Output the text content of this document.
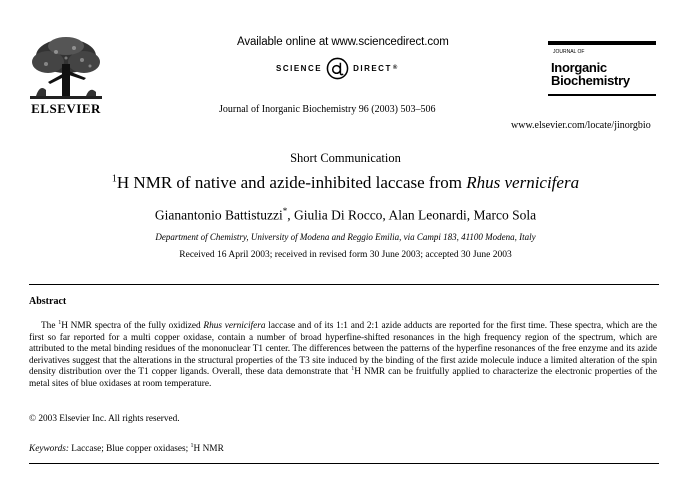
ELSEVIER
Available online at www.sciencedirect.com
SCIENCE	DIRECT ®
Journal of Inorganic Biochemistry 96 (2003) 503–506
JOURNAL OF
Inorganic
Biochemistry
www.elsevier.com/locate/jinorgbio
Short Communication
$^1$H NMR of native and azide-inhibited laccase from Rhus vernicifera
Gianantonio Battistuzzi*, Giulia Di Rocco, Alan Leonardi, Marco Sola
Department of Chemistry, University of Modena and Reggio Emilia, via Campi 183, 41100 Modena, Italy
Received 16 April 2003; received in revised form 30 June 2003; accepted 30 June 2003
Abstract

The $^1$H NMR spectra of the fully oxidized Rhus vernicifera laccase and of its 1:1 and 2:1 azide adducts are reported for the first time. These spectra, which are the first so far reported for a multi copper oxidase, contain a number of broad hyperfine-shifted resonances in the high frequency region of the spectrum, which are attributed to the metal binding residues of the mononuclear T1 center. The differences between the patterns of the hyperfine resonances of the free enzyme and its azide derivatives suggest that the alterations in the structural properties of the T3 site induced by the binding of the first azide molecule induce a limited alteration of the spin density distribution over the T1 copper ligands. Overall, these data demonstrate that $^1$H NMR can be fruitfully applied to characterize the electronic properties of the metal sites of blue oxidases at room temperature.

© 2003 Elsevier Inc. All rights reserved.
Keywords: Laccase; Blue copper oxidases; $^1$H NMR
